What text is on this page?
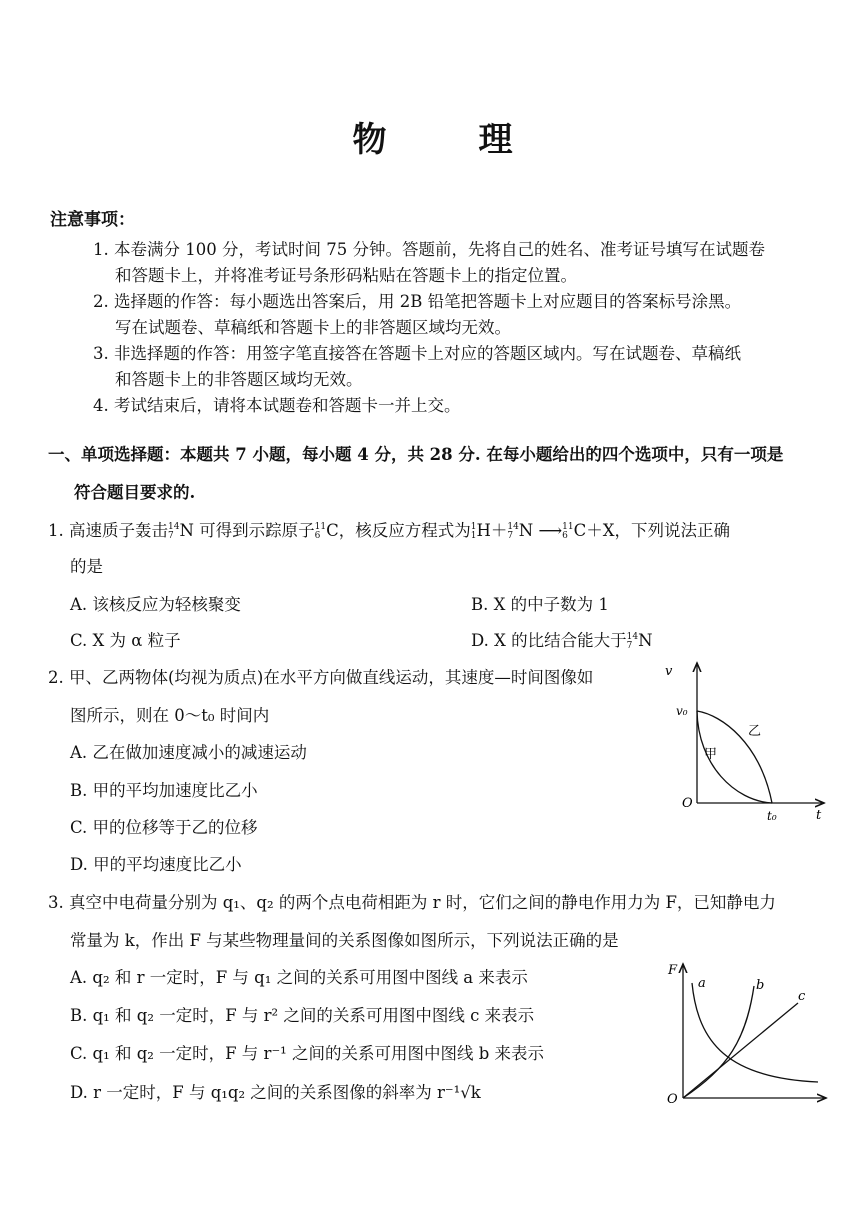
物	理
注意事项：
1. 本卷满分 100 分，考试时间 75 分钟。答题前，先将自己的姓名、准考证号填写在试题卷
和答题卡上，并将准考证号条形码粘贴在答题卡上的指定位置。
2. 选择题的作答：每小题选出答案后，用 2B 铅笔把答题卡上对应题目的答案标号涂黑。
写在试题卷、草稿纸和答题卡上的非答题区域均无效。
3. 非选择题的作答：用签字笔直接答在答题卡上对应的答题区域内。写在试题卷、草稿纸
和答题卡上的非答题区域均无效。
4. 考试结束后，请将本试题卷和答题卡一并上交。
一、单项选择题：本题共 7 小题，每小题 4 分，共 28 分. 在每小题给出的四个选项中，只有一项是
符合题目要求的.
1. 高速质子轰击14
7 N 可得到示踪原子11
6 C，核反应方程式为1
1H＋14
7 N ⟶11
6 C＋X，下列说法正确
的是
A. 该核反应为轻核聚变	B. X 的中子数为 1
C. X 为 α 粒子	D. X 的比结合能大于14
7 N
2. 甲、乙两物体(均视为质点)在水平方向做直线运动，其速度—时间图像如
图所示，则在 0～t₀ 时间内
A. 乙在做加速度减小的减速运动
B. 甲的平均加速度比乙小
C. 甲的位移等于乙的位移
D. 甲的平均速度比乙小
v
t
O
v₀
t₀
甲
乙
3. 真空中电荷量分别为 q₁、q₂ 的两个点电荷相距为 r 时，它们之间的静电作用力为 F，已知静电力
常量为 k，作出 F 与某些物理量间的关系图像如图所示，下列说法正确的是
A. q₂ 和 r 一定时，F 与 q₁ 之间的关系可用图中图线 a 来表示
B. q₁ 和 q₂ 一定时，F 与 r² 之间的关系可用图中图线 c 来表示
C. q₁ 和 q₂ 一定时，F 与 r⁻¹ 之间的关系可用图中图线 b 来表示
D. r 一定时，F 与 q₁q₂ 之间的关系图像的斜率为 r⁻¹√k
F
O
a	b
c
